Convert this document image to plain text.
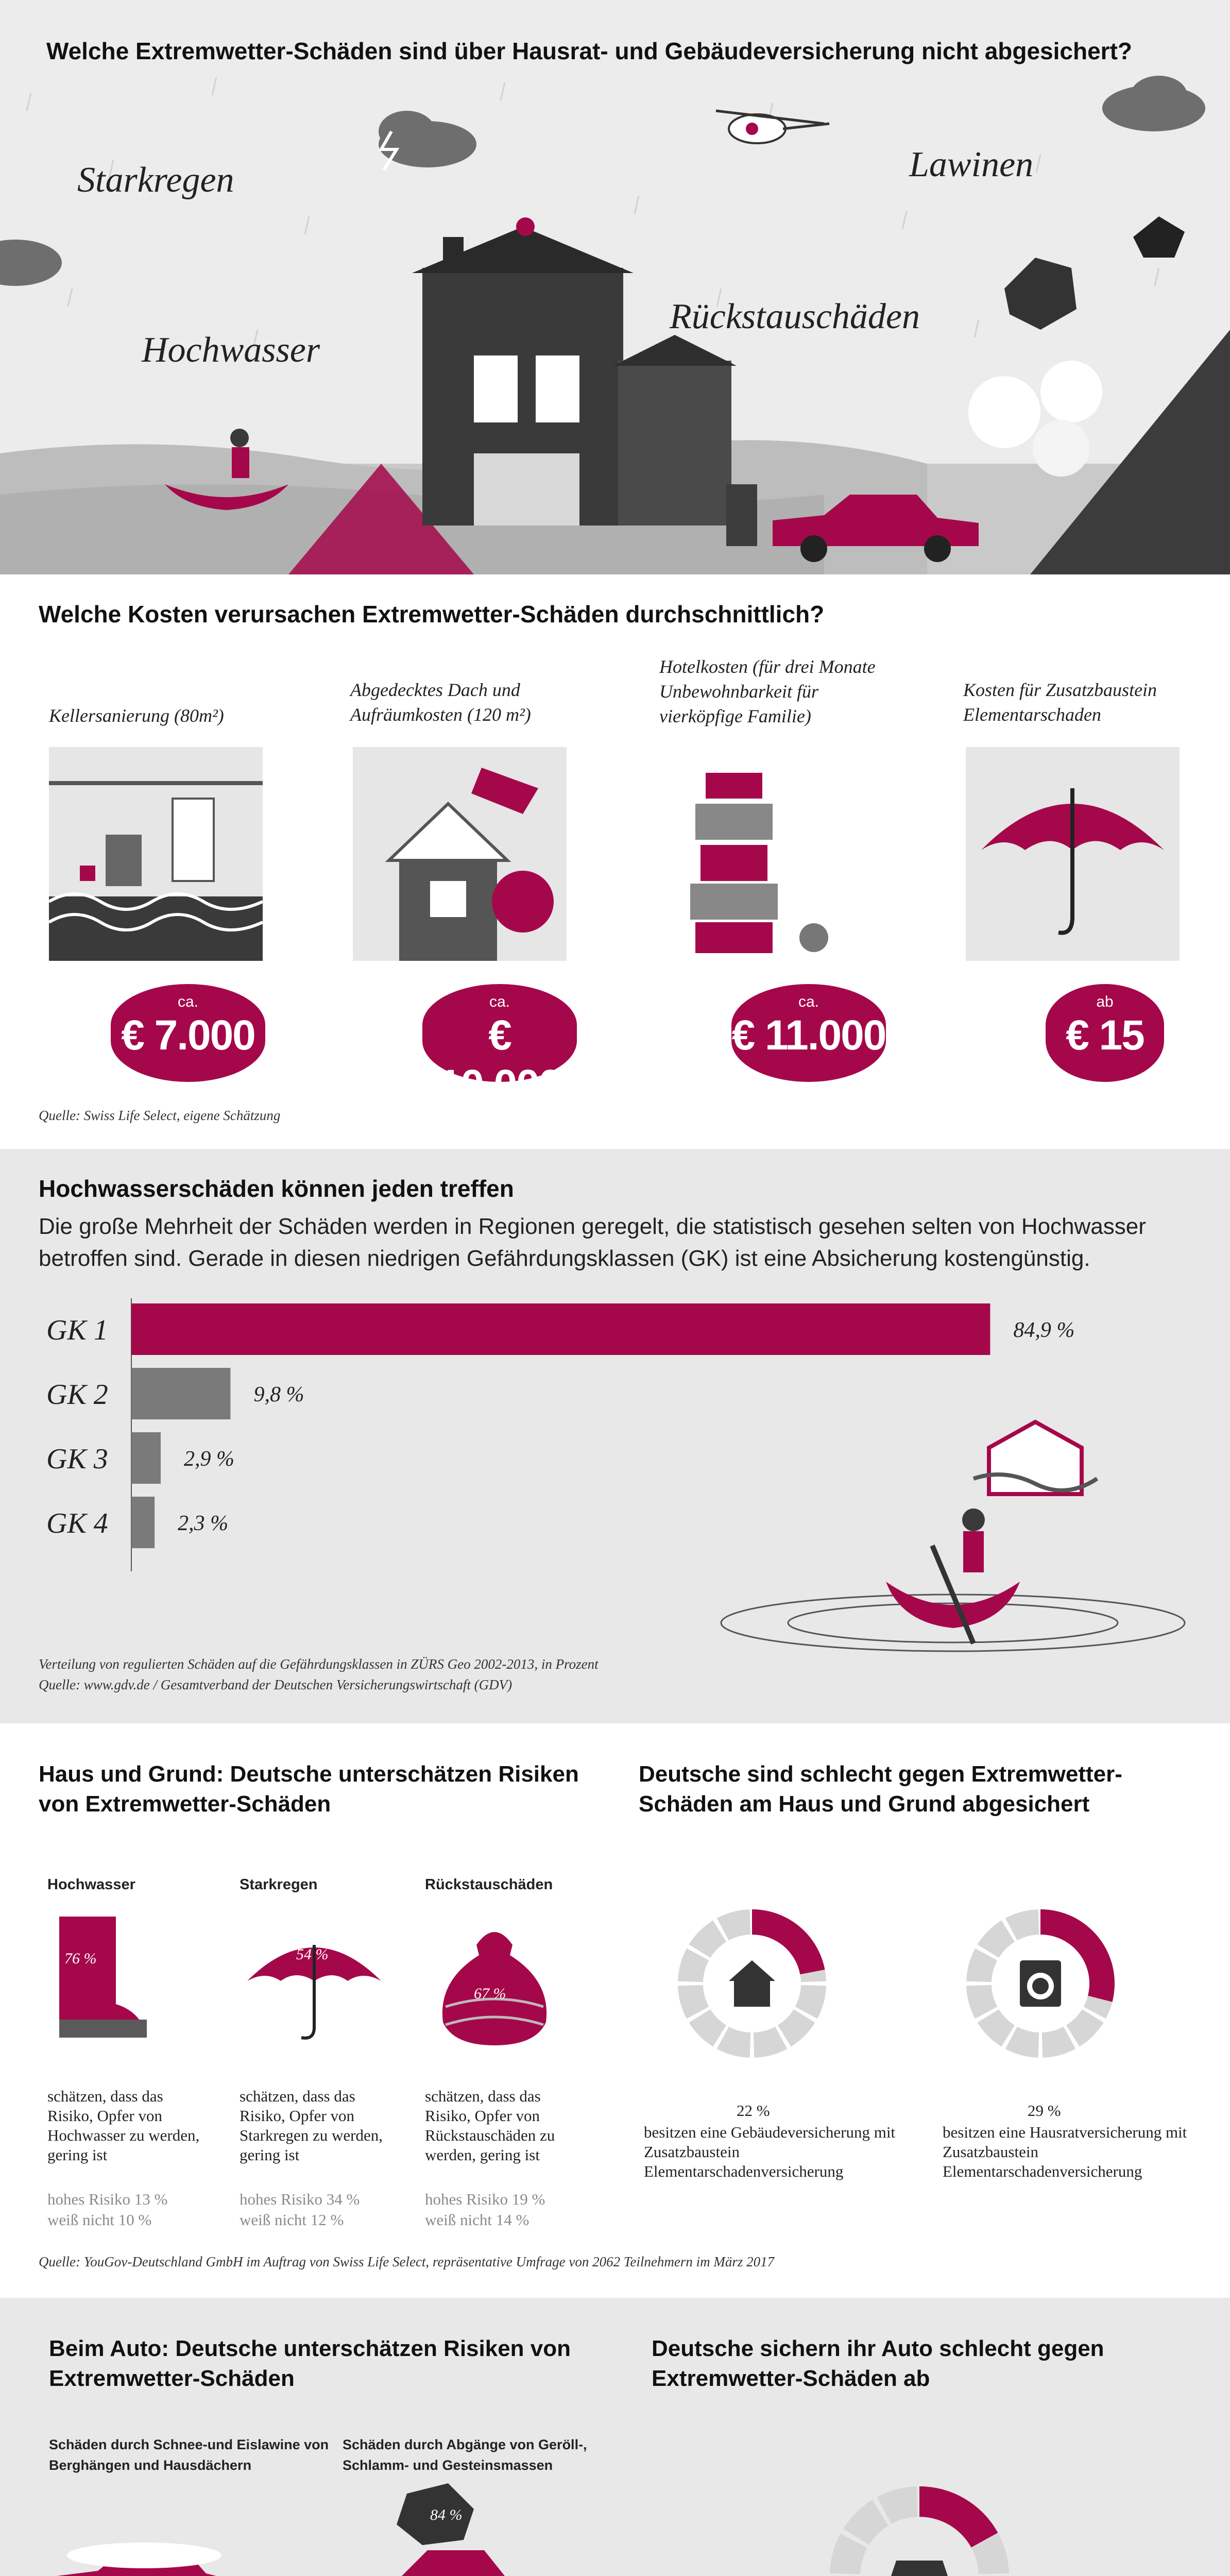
Welche Extremwetter-Schäden sind über Hausrat- und Gebäudeversicherung nicht abgesichert?
Starkregen	Lawinen
Hochwasser
Rückstauschäden
Welche Kosten verursachen Extremwetter-Schäden durchschnittlich?
Kellersanierung (80m²)
Abgedecktes Dach und Aufräumkosten (120 m²)
Hotelkosten (für drei Monate Unbewohnbarkeit für vierköpfige Familie)
Kosten für Zusatzbaustein Elementarschaden
ca.
€ 7.000
ca.
€ 10.000
ca.
€ 11.000
ab
€ 15
Quelle: Swiss Life Select, eigene Schätzung
Hochwasserschäden können jeden treffen
Die große Mehrheit der Schäden werden in Regionen geregelt, die statistisch gesehen selten von Hochwasser betroffen sind. Gerade in diesen niedrigen Gefährdungsklassen (GK) ist eine Absicherung kostengünstig.
GK 1	84,9 %
GK 2	9,8 %
GK 3	2,9 %
GK 4	2,3 %
Verteilung von regulierten Schäden auf die Gefährdungsklassen in ZÜRS Geo 2002-2013, in Prozent
Quelle: www.gdv.de / Gesamtverband der Deutschen Versicherungswirtschaft (GDV)
Haus und Grund: Deutsche unterschätzen Risiken von Extremwetter-Schäden
Deutsche sind schlecht gegen Extremwetter-Schäden am Haus und Grund abgesichert
Hochwasser
76 %
schätzen, dass das Risiko, Opfer von Hochwasser zu werden, gering ist
hohes Risiko 13 %
weiß nicht 10 %
Starkregen
54 %
schätzen, dass das Risiko, Opfer von Starkregen zu werden, gering ist
hohes Risiko 34 %
weiß nicht 12 %
Rückstauschäden
67 %
schätzen, dass das Risiko, Opfer von Rückstauschäden zu werden, gering ist
hohes Risiko 19 %
weiß nicht 14 %
22 %
besitzen eine Gebäudeversicherung mit Zusatzbaustein Elementarschadenversicherung
29 %
besitzen eine Hausratversicherung mit Zusatzbaustein Elementarschadenversicherung
Quelle: YouGov-Deutschland GmbH im Auftrag von Swiss Life Select, repräsentative Umfrage von 2062 Teilnehmern im März 2017
Beim Auto: Deutsche unterschätzen Risiken von Extremwetter-Schäden
Deutsche sichern ihr Auto schlecht gegen Extremwetter-Schäden ab
Schäden durch Schnee-und Eislawine von Berghängen und Hausdächern
Schäden durch Abgänge von Geröll-, Schlamm- und Gesteinsmassen
84 %
